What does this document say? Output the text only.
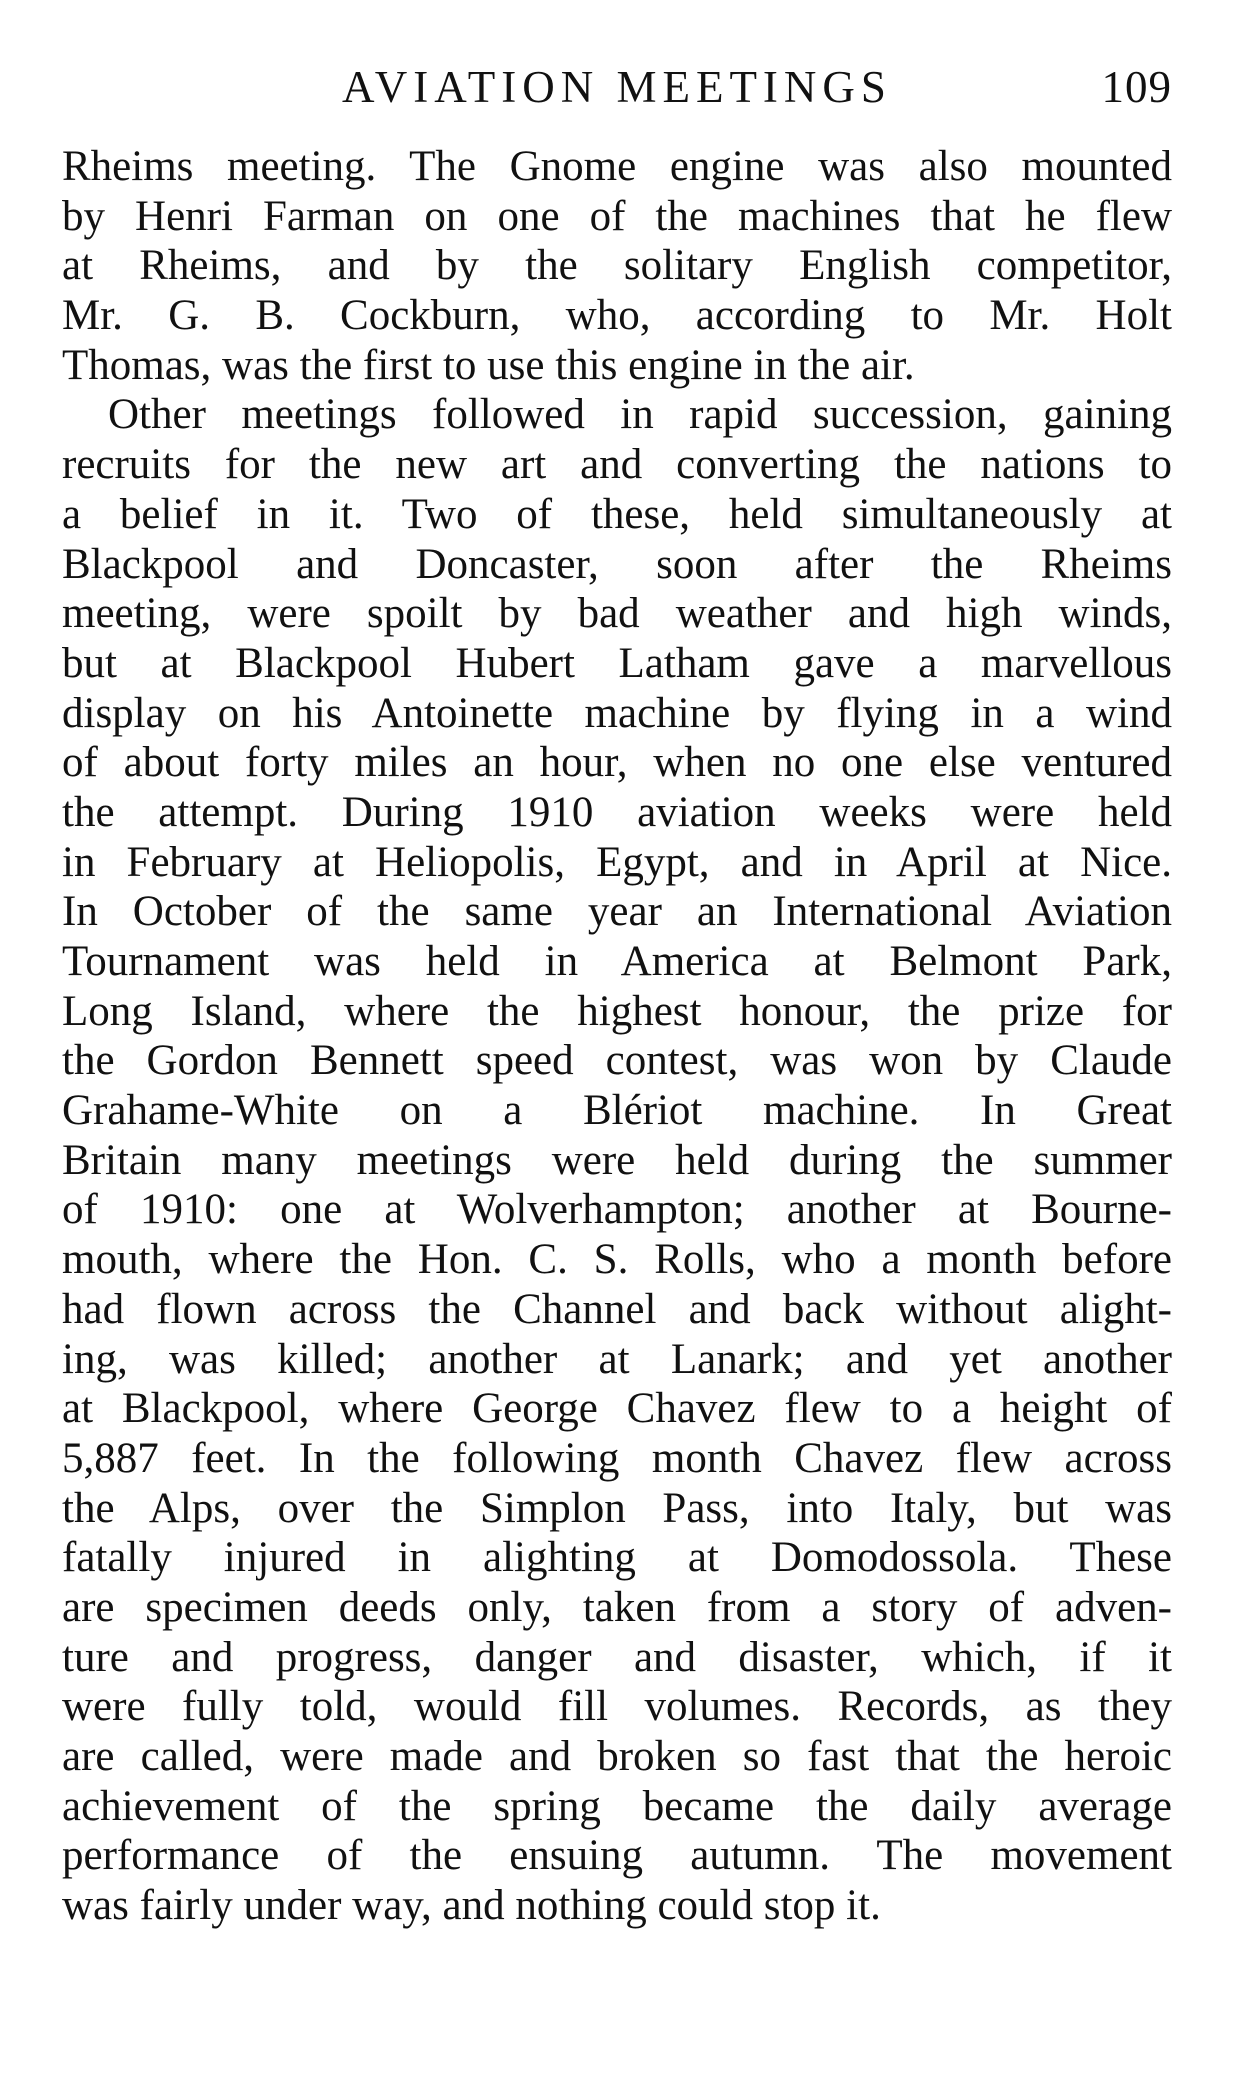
AVIATION MEETINGS	109
Rheims meeting. The Gnome engine was also mounted
by Henri Farman on one of the machines that he flew
at Rheims, and by the solitary English competitor,
Mr. G. B. Cockburn, who, according to Mr. Holt
Thomas, was the first to use this engine in the air.
Other meetings followed in rapid succession, gaining
recruits for the new art and converting the nations to
a belief in it. Two of these, held simultaneously at
Blackpool and Doncaster, soon after the Rheims
meeting, were spoilt by bad weather and high winds,
but at Blackpool Hubert Latham gave a marvellous
display on his Antoinette machine by flying in a wind
of about forty miles an hour, when no one else ventured
the attempt. During 1910 aviation weeks were held
in February at Heliopolis, Egypt, and in April at Nice.
In October of the same year an International Aviation
Tournament was held in America at Belmont Park,
Long Island, where the highest honour, the prize for
the Gordon Bennett speed contest, was won by Claude
Grahame-White on a Blériot machine. In Great
Britain many meetings were held during the summer
of 1910: one at Wolverhampton; another at Bourne-
mouth, where the Hon. C. S. Rolls, who a month before
had flown across the Channel and back without alight-
ing, was killed; another at Lanark; and yet another
at Blackpool, where George Chavez flew to a height of
5,887 feet. In the following month Chavez flew across
the Alps, over the Simplon Pass, into Italy, but was
fatally injured in alighting at Domodossola. These
are specimen deeds only, taken from a story of adven-
ture and progress, danger and disaster, which, if it
were fully told, would fill volumes. Records, as they
are called, were made and broken so fast that the heroic
achievement of the spring became the daily average
performance of the ensuing autumn. The movement
was fairly under way, and nothing could stop it.
